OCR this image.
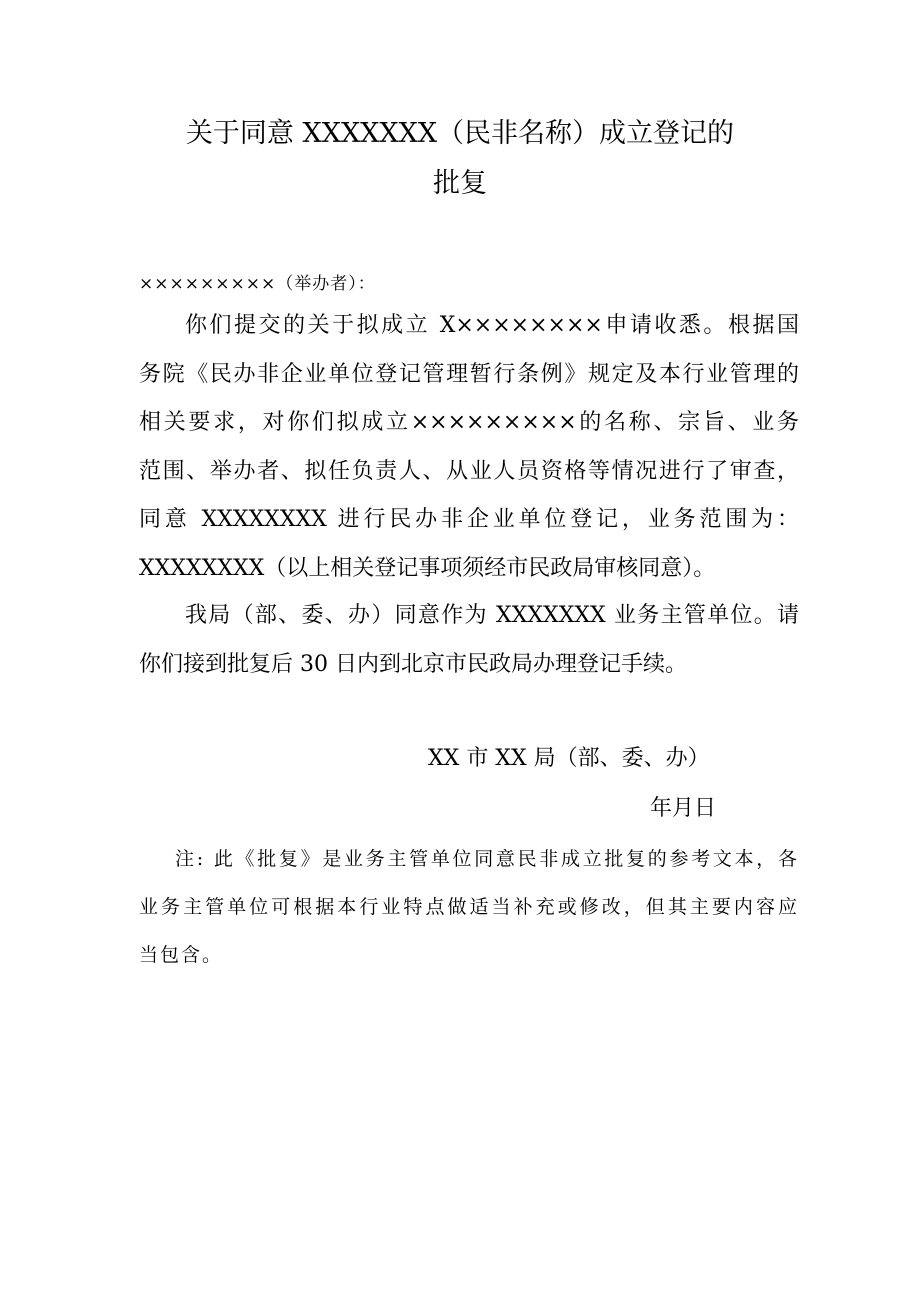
关于同意 XXXXXXX（民非名称）成立登记的
批复
×××××××××（举办者）：
你们提交的关于拟成立 X××××××××申请收悉。根据国
务院《民办非企业单位登记管理暂行条例》规定及本行业管理的
相关要求，对你们拟成立×××××××××的名称、宗旨、业务
范围、举办者、拟任负责人、从业人员资格等情况进行了审查，
同意 XXXXXXXX 进行民办非企业单位登记，业务范围为：
XXXXXXXX（以上相关登记事项须经市民政局审核同意）。
我局（部、委、办）同意作为 XXXXXXX 业务主管单位。请
你们接到批复后 30 日内到北京市民政局办理登记手续。
XX 市 XX 局（部、委、办）
年月日
注: 此《批复》是业务主管单位同意民非成立批复的参考文本，各
业务主管单位可根据本行业特点做适当补充或修改，但其主要内容应
当包含。
